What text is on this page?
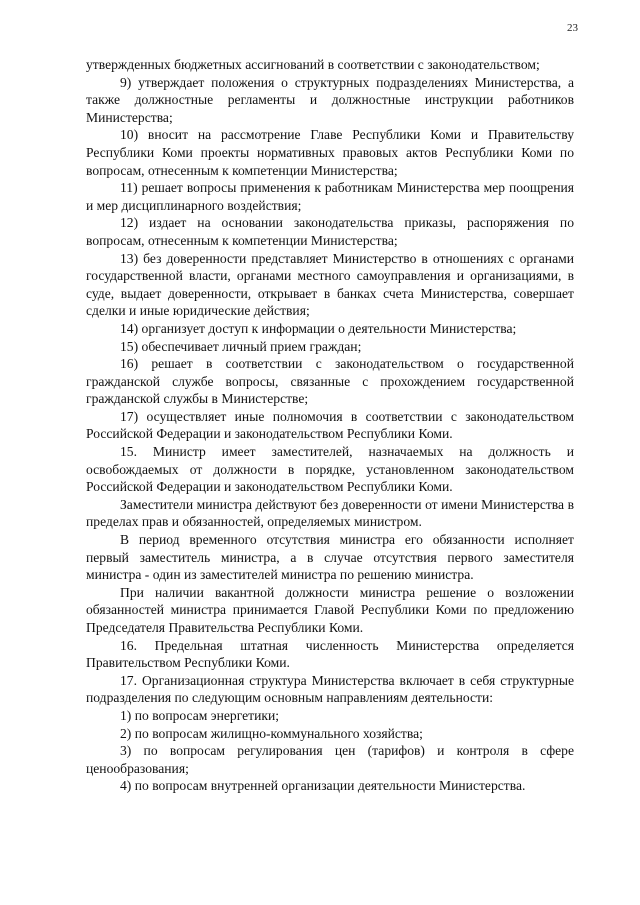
23

утвержденных бюджетных ассигнований в соответствии с законодательством;

9) утверждает положения о структурных подразделениях Министерства, а также должностные регламенты и должностные инструкции работников Министерства;

10) вносит на рассмотрение Главе Республики Коми и Правительству Республики Коми проекты нормативных правовых актов Республики Коми по вопросам, отнесенным к компетенции Министерства;

11) решает вопросы применения к работникам Министерства мер поощрения и мер дисциплинарного воздействия;

12) издает на основании законодательства приказы, распоряжения по вопросам, отнесенным к компетенции Министерства;

13) без доверенности представляет Министерство в отношениях с органами государственной власти, органами местного самоуправления и организациями, в суде, выдает доверенности, открывает в банках счета Министерства, совершает сделки и иные юридические действия;

14) организует доступ к информации о деятельности Министерства;

15) обеспечивает личный прием граждан;

16) решает в соответствии с законодательством о государственной гражданской службе вопросы, связанные с прохождением государственной гражданской службы в Министерстве;

17) осуществляет иные полномочия в соответствии с законодательством Российской Федерации и законодательством Республики Коми.

15. Министр имеет заместителей, назначаемых на должность и освобождаемых от должности в порядке, установленном законодательством Российской Федерации и законодательством Республики Коми.

Заместители министра действуют без доверенности от имени Министерства в пределах прав и обязанностей, определяемых министром.

В период временного отсутствия министра его обязанности исполняет первый заместитель министра, а в случае отсутствия первого заместителя министра - один из заместителей министра по решению министра.

При наличии вакантной должности министра решение о возложении обязанностей министра принимается Главой Республики Коми по предложению Председателя Правительства Республики Коми.

16. Предельная штатная численность Министерства определяется Правительством Республики Коми.

17. Организационная структура Министерства включает в себя структурные подразделения по следующим основным направлениям деятельности:

1) по вопросам энергетики;

2) по вопросам жилищно-коммунального хозяйства;

3) по вопросам регулирования цен (тарифов) и контроля в сфере ценообразования;

4) по вопросам внутренней организации деятельности Министерства.
